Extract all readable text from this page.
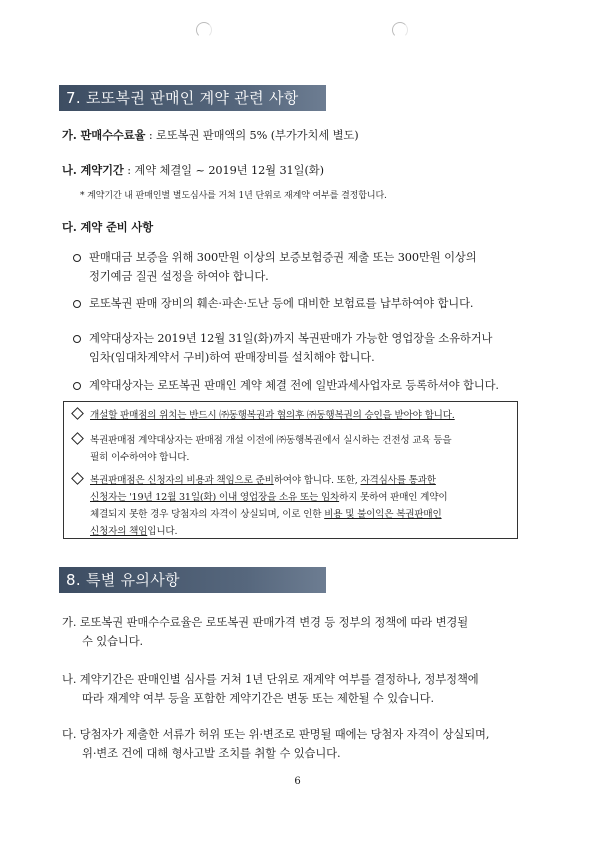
7. 로또복권 판매인 계약 관련 사항
가. 판매수수료율 : 로또복권 판매액의 5% (부가가치세 별도)
나. 계약기간 : 계약 체결일 ~ 2019년 12월 31일(화)
* 계약기간 내 판매인별 별도심사를 거쳐 1년 단위로 재계약 여부를 결정합니다.
다. 계약 준비 사항
판매대금 보증을 위해 300만원 이상의 보증보험증권 제출 또는 300만원 이상의
정기예금 질권 설정을 하여야 합니다.
로또복권 판매 장비의 훼손·파손·도난 등에 대비한 보험료를 납부하여야 합니다.
계약대상자는 2019년 12월 31일(화)까지 복권판매가 가능한 영업장을 소유하거나
임차(임대차계약서 구비)하여 판매장비를 설치해야 합니다.
계약대상자는 로또복권 판매인 계약 체결 전에 일반과세사업자로 등록하셔야 합니다.
개설할 판매점의 위치는 반드시 ㈜동행복권과 협의후 ㈜동행복권의 승인을 받아야 합니다.
복권판매점 계약대상자는 판매점 개설 이전에 ㈜동행복권에서 실시하는 건전성 교육 등을
필히 이수하여야 합니다.
복권판매점은 신청자의 비용과 책임으로 준비하여야 합니다. 또한, 자격심사를 통과한
신청자는 '19년 12월 31일(화) 이내 영업장을 소유 또는 임차하지 못하여 판매인 계약이
체결되지 못한 경우 당첨자의 자격이 상실되며, 이로 인한 비용 및 불이익은 복권판매인
신청자의 책임입니다.
8. 특별 유의사항
가. 로또복권 판매수수료율은 로또복권 판매가격 변경 등 정부의 정책에 따라 변경될
수 있습니다.
나. 계약기간은 판매인별 심사를 거쳐 1년 단위로 재계약 여부를 결정하나, 정부정책에
따라 재계약 여부 등을 포함한 계약기간은 변동 또는 제한될 수 있습니다.
다. 당첨자가 제출한 서류가 허위 또는 위·변조로 판명될 때에는 당첨자 자격이 상실되며,
위·변조 건에 대해 형사고발 조치를 취할 수 있습니다.
6
